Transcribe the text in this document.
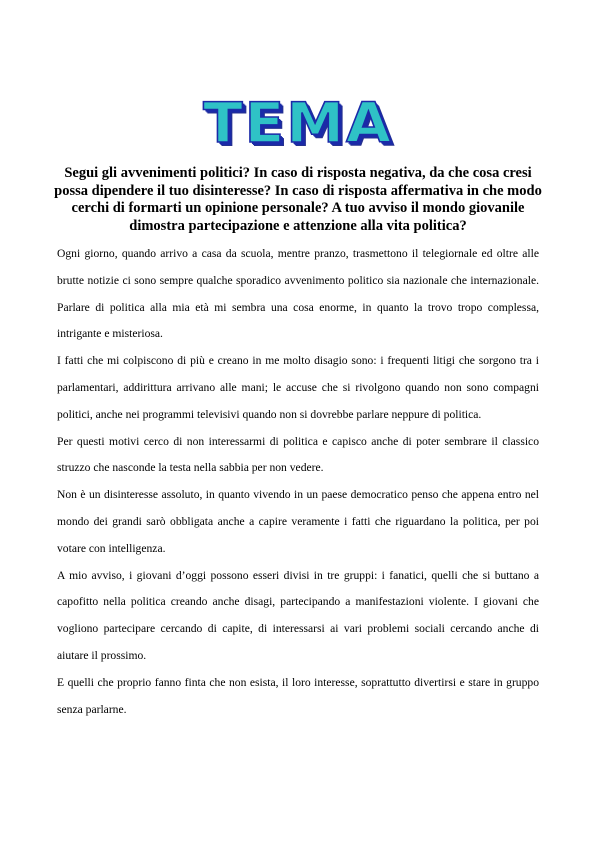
TEMA
Segui gli avvenimenti politici? In caso di risposta negativa, da che cosa cresi possa dipendere il tuo disinteresse? In caso di risposta affermativa in che modo cerchi di formarti un opinione personale? A tuo avviso il mondo giovanile dimostra partecipazione e attenzione alla vita politica?

Ogni giorno, quando arrivo a casa da scuola, mentre pranzo, trasmettono il telegiornale ed oltre alle brutte notizie ci sono sempre qualche sporadico avvenimento politico sia nazionale che internazionale. Parlare di politica alla mia età mi sembra una cosa enorme, in quanto la trovo tropo complessa, intrigante e misteriosa.

I fatti che mi colpiscono di più e creano in me molto disagio sono: i frequenti litigi che sorgono tra i parlamentari, addirittura arrivano alle mani; le accuse che si rivolgono quando non sono compagni politici, anche nei programmi televisivi quando non si dovrebbe parlare neppure di politica.

Per questi motivi cerco di non interessarmi di politica e capisco anche di poter sembrare il classico struzzo che nasconde la testa nella sabbia per non vedere.

Non è un disinteresse assoluto, in quanto vivendo in un paese democratico penso che appena entro nel mondo dei grandi sarò obbligata anche a capire veramente i fatti che riguardano la politica, per poi votare con intelligenza.

A mio avviso, i giovani d’oggi possono esseri divisi in tre gruppi: i fanatici, quelli che si buttano a capofitto nella politica creando anche disagi, partecipando a manifestazioni violente. I giovani che vogliono partecipare cercando di capite, di interessarsi ai vari problemi sociali cercando anche di aiutare il prossimo.

E quelli che proprio fanno finta che non esista, il loro interesse, soprattutto divertirsi e stare in gruppo senza parlarne.
